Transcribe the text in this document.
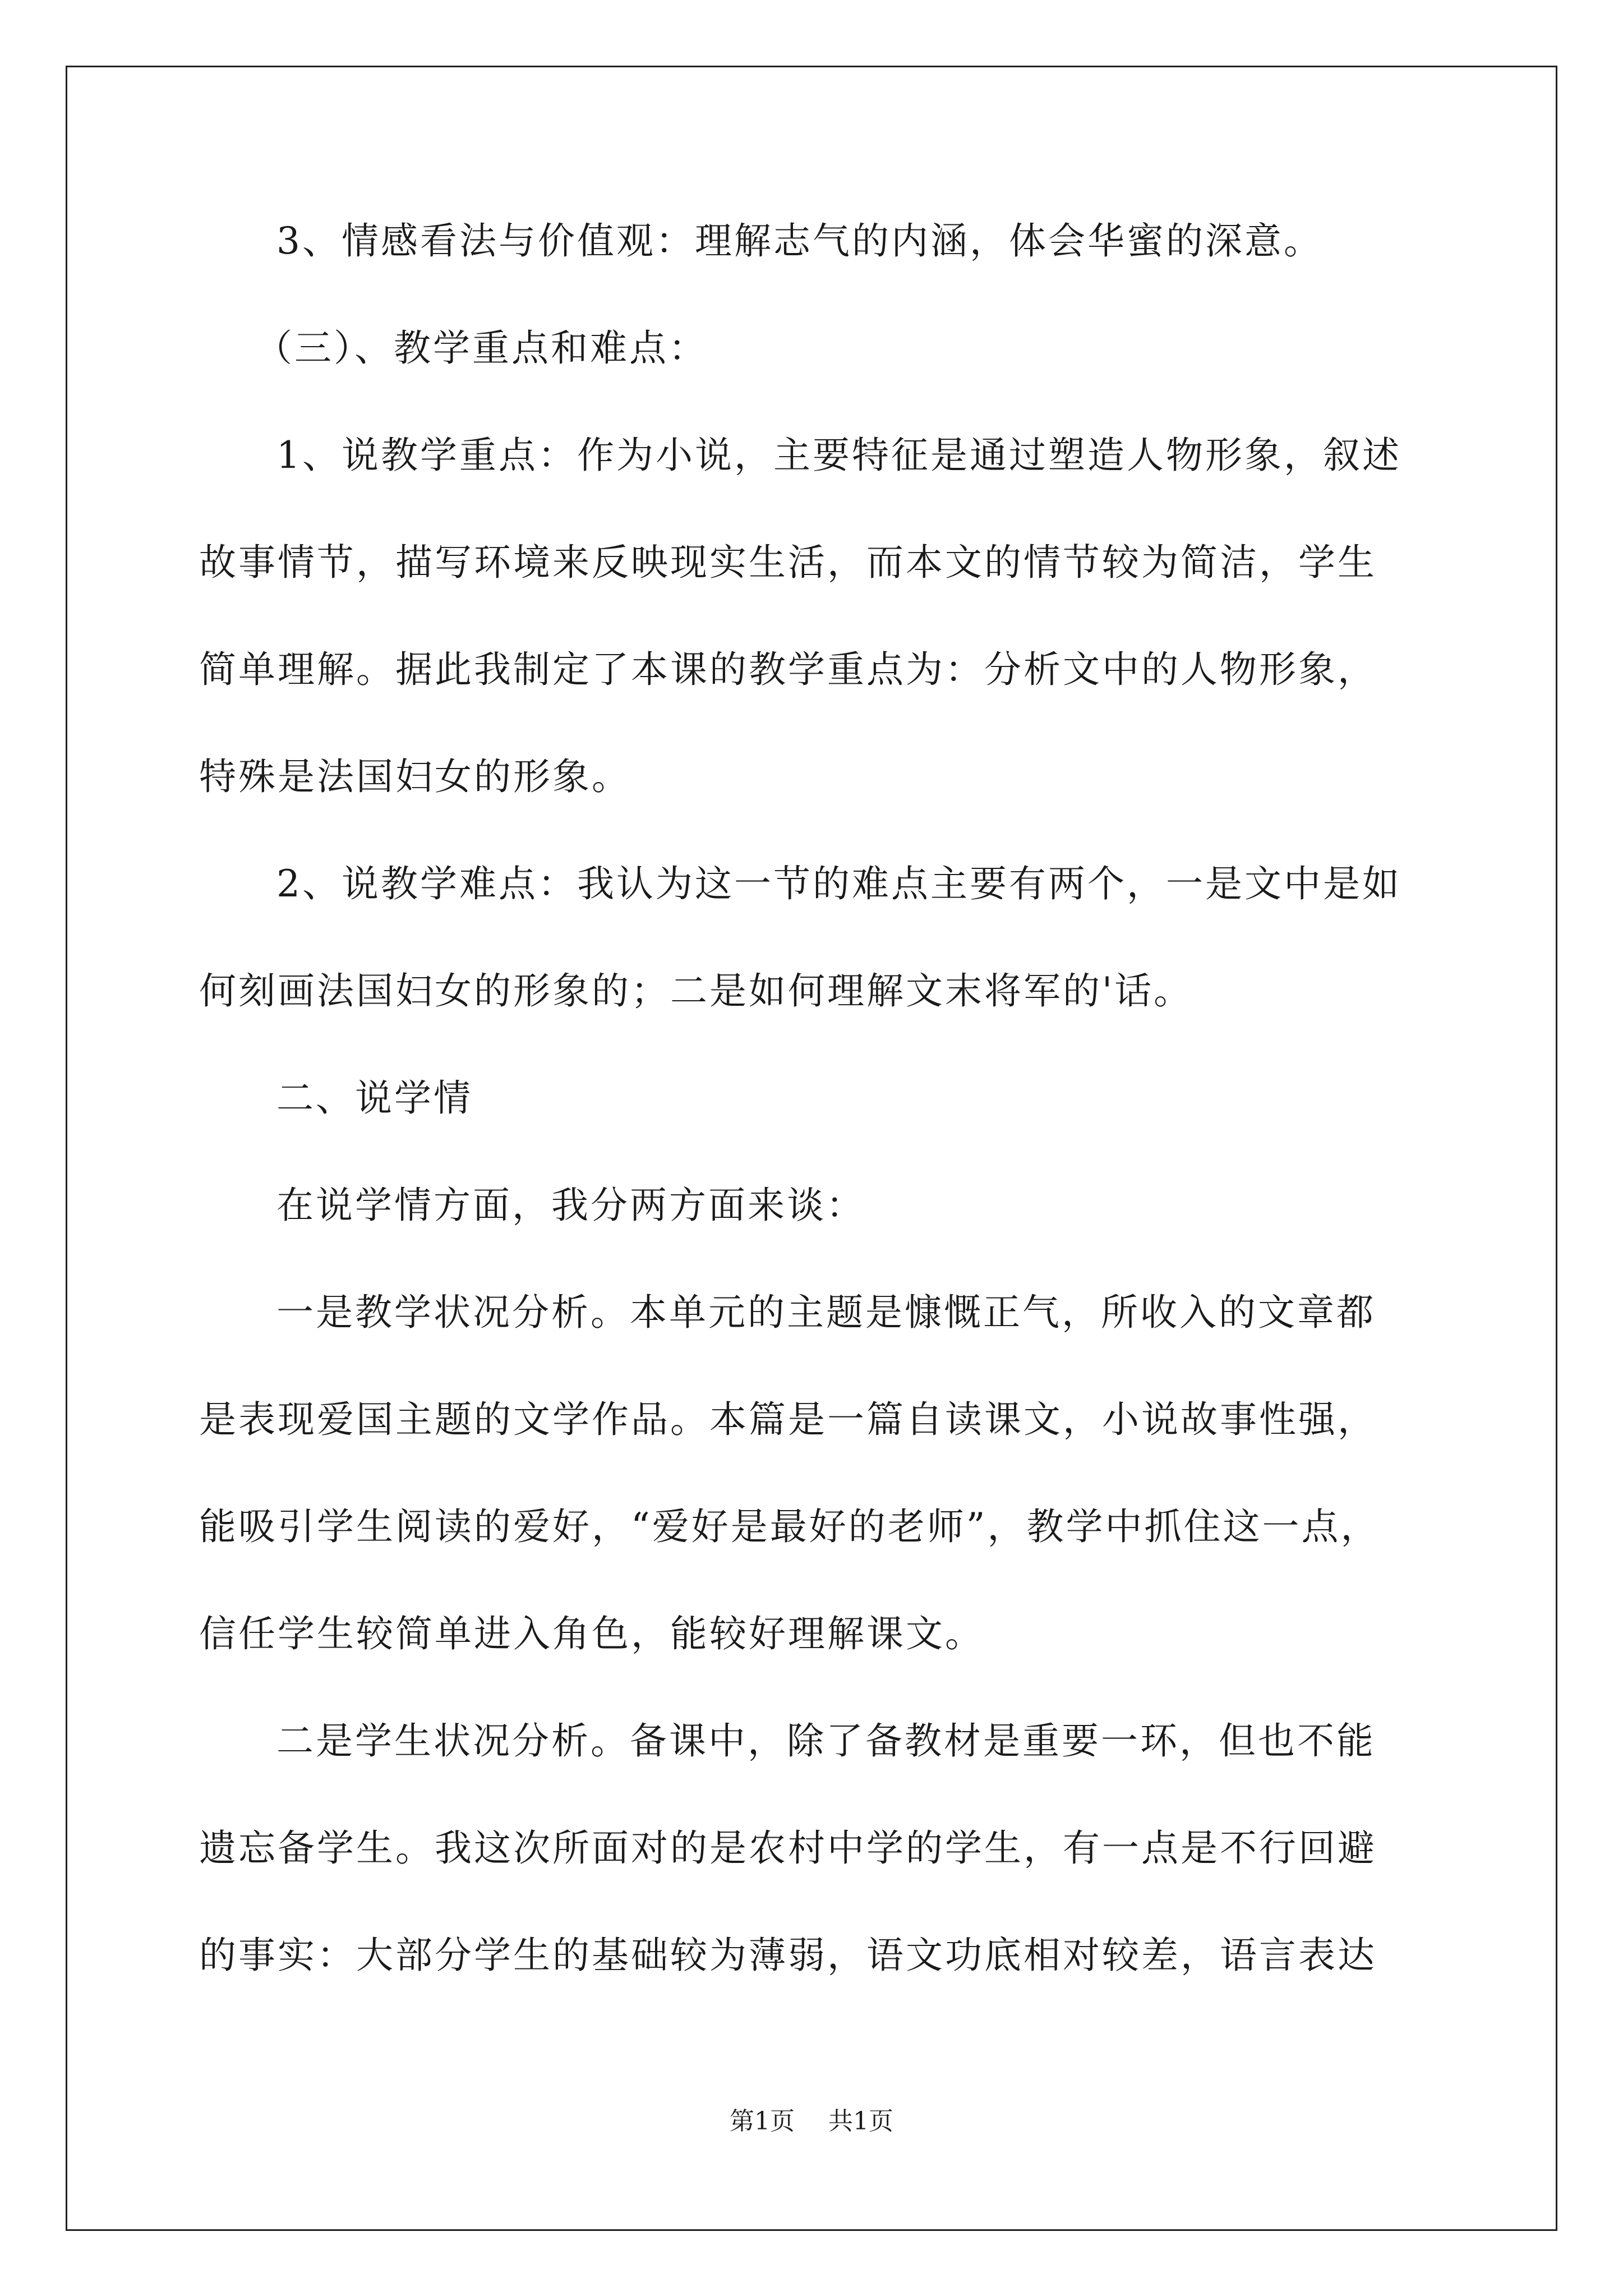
3、情感看法与价值观：理解志气的内涵，体会华蜜的深意。
（三）、教学重点和难点：
1、说教学重点：作为小说，主要特征是通过塑造人物形象，叙述
故事情节，描写环境来反映现实生活，而本文的情节较为简洁，学生
简单理解。据此我制定了本课的教学重点为：分析文中的人物形象，
特殊是法国妇女的形象。
2、说教学难点：我认为这一节的难点主要有两个，一是文中是如
何刻画法国妇女的形象的；二是如何理解文末将军的'话。
二、说学情
在说学情方面，我分两方面来谈：
一是教学状况分析。本单元的主题是慷慨正气，所收入的文章都
是表现爱国主题的文学作品。本篇是一篇自读课文，小说故事性强，
能吸引学生阅读的爱好，“爱好是最好的老师”，教学中抓住这一点，
信任学生较简单进入角色，能较好理解课文。
二是学生状况分析。备课中，除了备教材是重要一环，但也不能
遗忘备学生。我这次所面对的是农村中学的学生，有一点是不行回避
的事实：大部分学生的基础较为薄弱，语文功底相对较差，语言表达
第1页 共1页
